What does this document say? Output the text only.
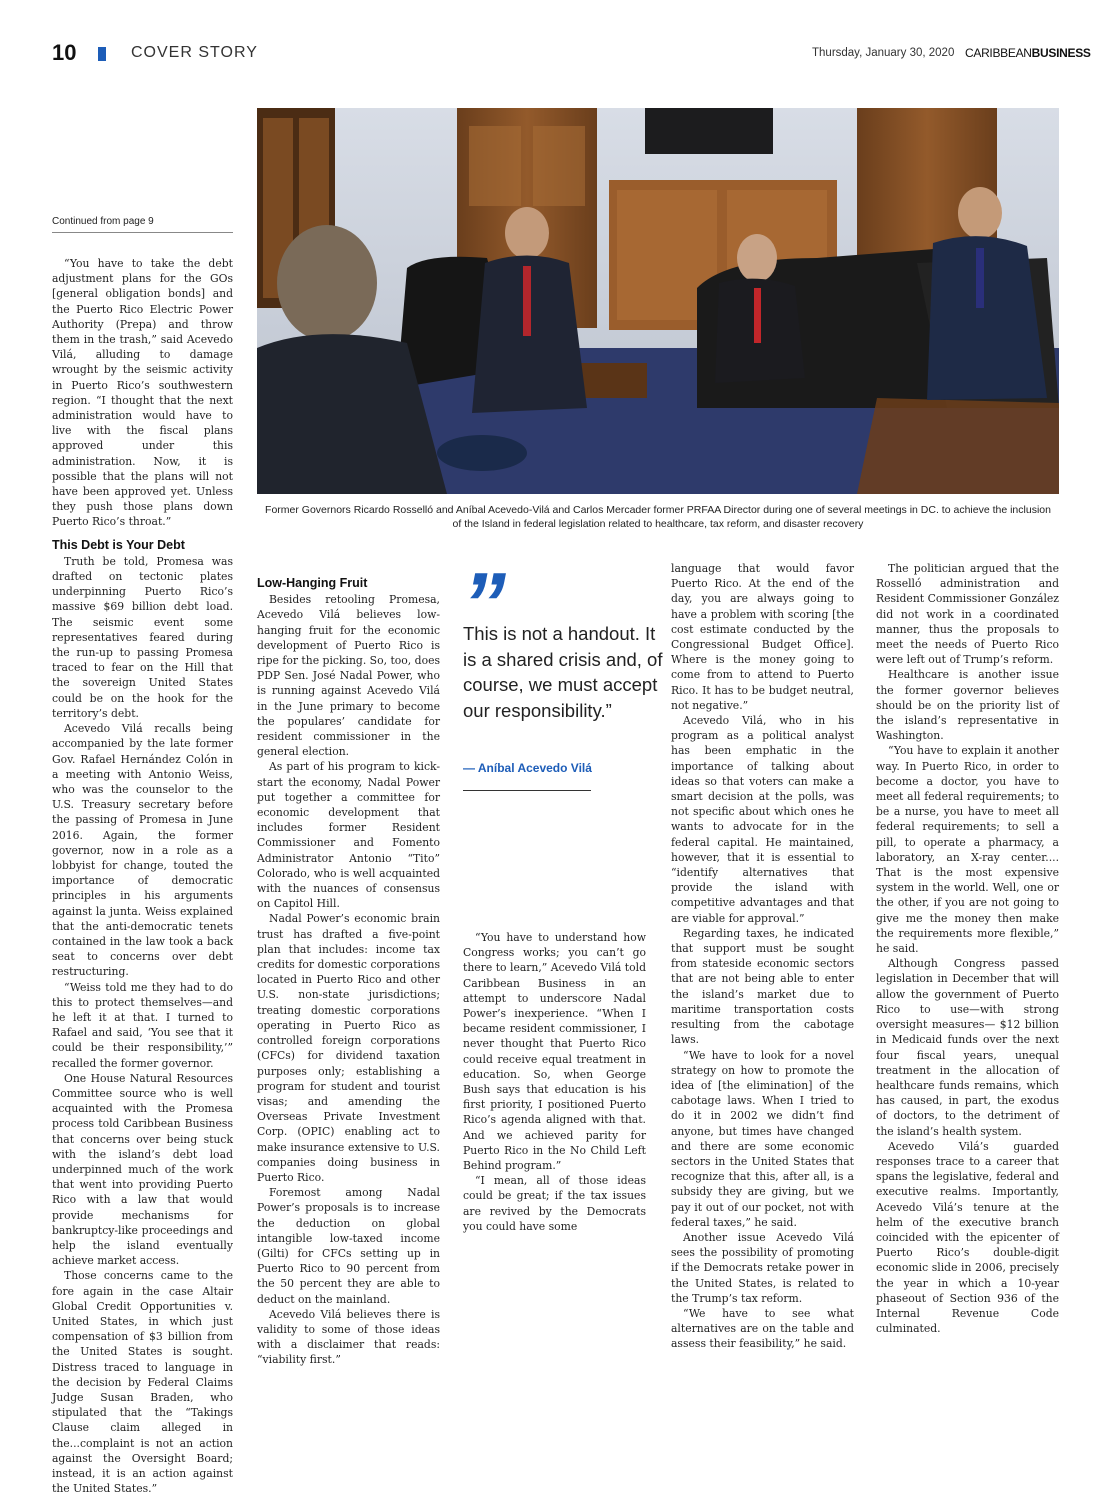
10	COVER STORY	Thursday, January 30, 2020 CARIBBEANBUSINESS
Former Governors Ricardo Rosselló and Aníbal Acevedo-Vilá and Carlos Mercader former PRFAA Director during one of several meetings in DC. to achieve the inclusion
of the Island in federal legislation related to healthcare, tax reform, and disaster recovery
Continued from page 9

“You have to take the debt adjustment plans for the GOs [general obligation bonds] and the Puerto Rico Electric Power Authority (Prepa) and throw them in the trash,” said Acevedo Vilá, alluding to damage wrought by the seismic activity in Puerto Rico’s southwestern region. “I thought that the next administration would have to live with the fiscal plans approved under this administration. Now, it is possible that the plans will not have been approved yet. Unless they push those plans down Puerto Rico’s throat.”

This Debt is Your Debt

Truth be told, Promesa was drafted on tectonic plates underpinning Puerto Rico’s massive $69 billion debt load. The seismic event some representatives feared during the run-up to passing Promesa traced to fear on the Hill that the sovereign United States could be on the hook for the territory’s debt.

Acevedo Vilá recalls being accompanied by the late former Gov. Rafael Hernández Colón in a meeting with Antonio Weiss, who was the counselor to the U.S. Treasury secretary before the passing of Promesa in June 2016. Again, the former governor, now in a role as a lobbyist for change, touted the importance of democratic principles in his arguments against la junta. Weiss explained that the anti-democratic tenets contained in the law took a back seat to concerns over debt restructuring.

“Weiss told me they had to do this to protect themselves—and he left it at that. I turned to Rafael and said, ‘You see that it could be their responsibility,’” recalled the former governor.

One House Natural Resources Committee source who is well acquainted with the Promesa process told Caribbean Business that concerns over being stuck with the island’s debt load underpinned much of the work that went into providing Puerto Rico with a law that would provide mechanisms for bankruptcy-like proceedings and help the island eventually achieve market access.

Those concerns came to the fore again in the case Altair Global Credit Opportunities v. United States, in which just compensation of $3 billion from the United States is sought. Distress traced to language in the decision by Federal Claims Judge Susan Braden, who stipulated that the “Takings Clause claim alleged in the...complaint is not an action against the Oversight Board; instead, it is an action against the United States.”

Low-Hanging Fruit

Besides retooling Promesa, Acevedo Vilá believes low-hanging fruit for the economic development of Puerto Rico is ripe for the picking. So, too, does PDP Sen. José Nadal Power, who is running against Acevedo Vilá in the June primary to become the populares’ candidate for resident commissioner in the general election.

As part of his program to kick-start the economy, Nadal Power put together a committee for economic development that includes former Resident Commissioner and Fomento Administrator Antonio “Tito” Colorado, who is well acquainted with the nuances of consensus on Capitol Hill.

Nadal Power’s economic brain trust has drafted a five-point plan that includes: income tax credits for domestic corporations located in Puerto Rico and other U.S. non-state jurisdictions; treating domestic corporations operating in Puerto Rico as controlled foreign corporations (CFCs) for dividend taxation purposes only; establishing a program for student and tourist visas; and amending the Overseas Private Investment Corp. (OPIC) enabling act to make insurance extensive to U.S. companies doing business in Puerto Rico.

Foremost among Nadal Power’s proposals is to increase the deduction on global intangible low-taxed income (Gilti) for CFCs setting up in Puerto Rico to 90 percent from the 50 percent they are able to deduct on the mainland.

Acevedo Vilá believes there is validity to some of those ideas with a disclaimer that reads: “viability first.”

”
This is not a handout. It is a shared crisis and, of course, we must accept our responsibility.”
— Aníbal Acevedo Vilá

“You have to understand how Congress works; you can’t go there to learn,” Acevedo Vilá told Caribbean Business in an attempt to underscore Nadal Power’s inexperience. “When I became resident commissioner, I never thought that Puerto Rico could receive equal treatment in education. So, when George Bush says that education is his first priority, I positioned Puerto Rico’s agenda aligned with that. And we achieved parity for Puerto Rico in the No Child Left Behind program.”

“I mean, all of those ideas could be great; if the tax issues are revived by the Democrats you could have some

language that would favor Puerto Rico. At the end of the day, you are always going to have a problem with scoring [the cost estimate conducted by the Congressional Budget Office]. Where is the money going to come from to attend to Puerto Rico. It has to be budget neutral, not negative.”

Acevedo Vilá, who in his program as a political analyst has been emphatic in the importance of talking about ideas so that voters can make a smart decision at the polls, was not specific about which ones he wants to advocate for in the federal capital. He maintained, however, that it is essential to “identify alternatives that provide the island with competitive advantages and that are viable for approval.”

Regarding taxes, he indicated that support must be sought from stateside economic sectors that are not being able to enter the island’s market due to maritime transportation costs resulting from the cabotage laws.

“We have to look for a novel strategy on how to promote the idea of [the elimination] of the cabotage laws. When I tried to do it in 2002 we didn’t find anyone, but times have changed and there are some economic sectors in the United States that recognize that this, after all, is a subsidy they are giving, but we pay it out of our pocket, not with federal taxes,” he said.

Another issue Acevedo Vilá sees the possibility of promoting if the Democrats retake power in the United States, is related to the Trump’s tax reform.

“We have to see what alternatives are on the table and assess their feasibility,” he said.

The politician argued that the Rosselló administration and Resident Commissioner González did not work in a coordinated manner, thus the proposals to meet the needs of Puerto Rico were left out of Trump’s reform.

Healthcare is another issue the former governor believes should be on the priority list of the island’s representative in Washington.

“You have to explain it another way. In Puerto Rico, in order to become a doctor, you have to meet all federal requirements; to be a nurse, you have to meet all federal requirements; to sell a pill, to operate a pharmacy, a laboratory, an X-ray center.... That is the most expensive system in the world. Well, one or the other, if you are not going to give me the money then make the requirements more flexible,” he said.

Although Congress passed legislation in December that will allow the government of Puerto Rico to use—with strong oversight measures— $12 billion in Medicaid funds over the next four fiscal years, unequal treatment in the allocation of healthcare funds remains, which has caused, in part, the exodus of doctors, to the detriment of the island’s health system.

Acevedo Vilá’s guarded responses trace to a career that spans the legislative, federal and executive realms. Importantly, Acevedo Vilá’s tenure at the helm of the executive branch coincided with the epicenter of Puerto Rico’s double-digit economic slide in 2006, precisely the year in which a 10-year phaseout of Section 936 of the Internal Revenue Code culminated.
